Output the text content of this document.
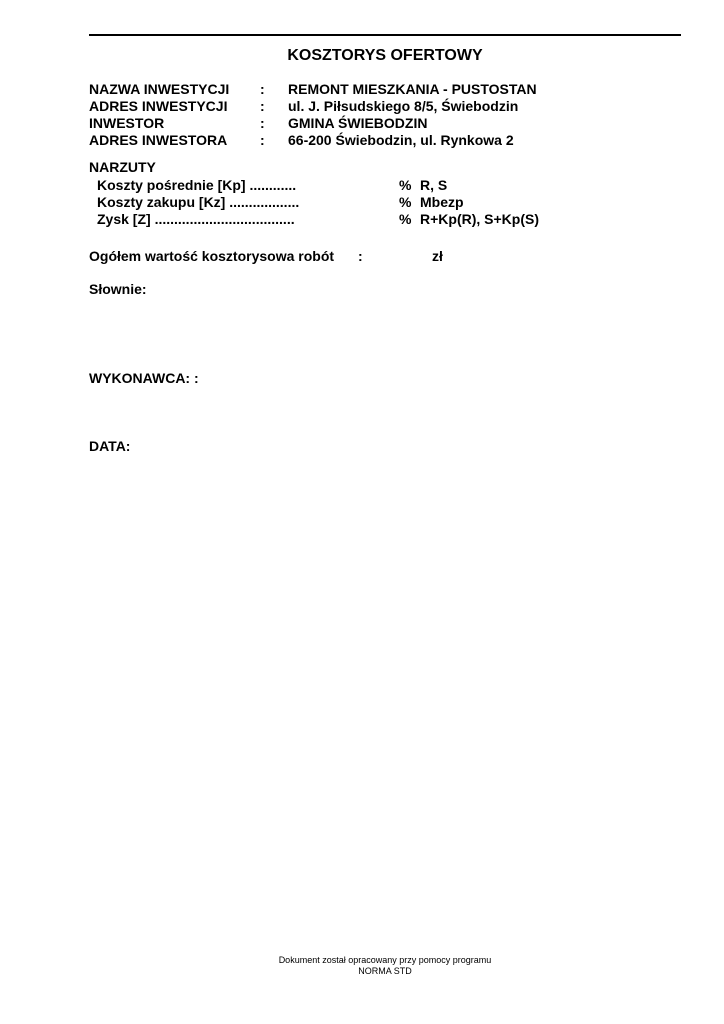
KOSZTORYS OFERTOWY
NAZWA INWESTYCJI : REMONT MIESZKANIA - PUSTOSTAN
ADRES INWESTYCJI : ul. J. Piłsudskiego 8/5, Świebodzin
INWESTOR	: GMINA ŚWIEBODZIN
ADRES INWESTORA : 66-200 Świebodzin, ul. Rynkowa 2
NARZUTY
Koszty pośrednie [Kp] ............	% R, S
Koszty zakupu [Kz] ..................	% Mbezp
Zysk [Z] ....................................	% R+Kp(R), S+Kp(S)
Ogółem wartość kosztorysowa robót :	zł
Słownie:
WYKONAWCA: :
DATA:
Dokument został opracowany przy pomocy programu
NORMA STD
